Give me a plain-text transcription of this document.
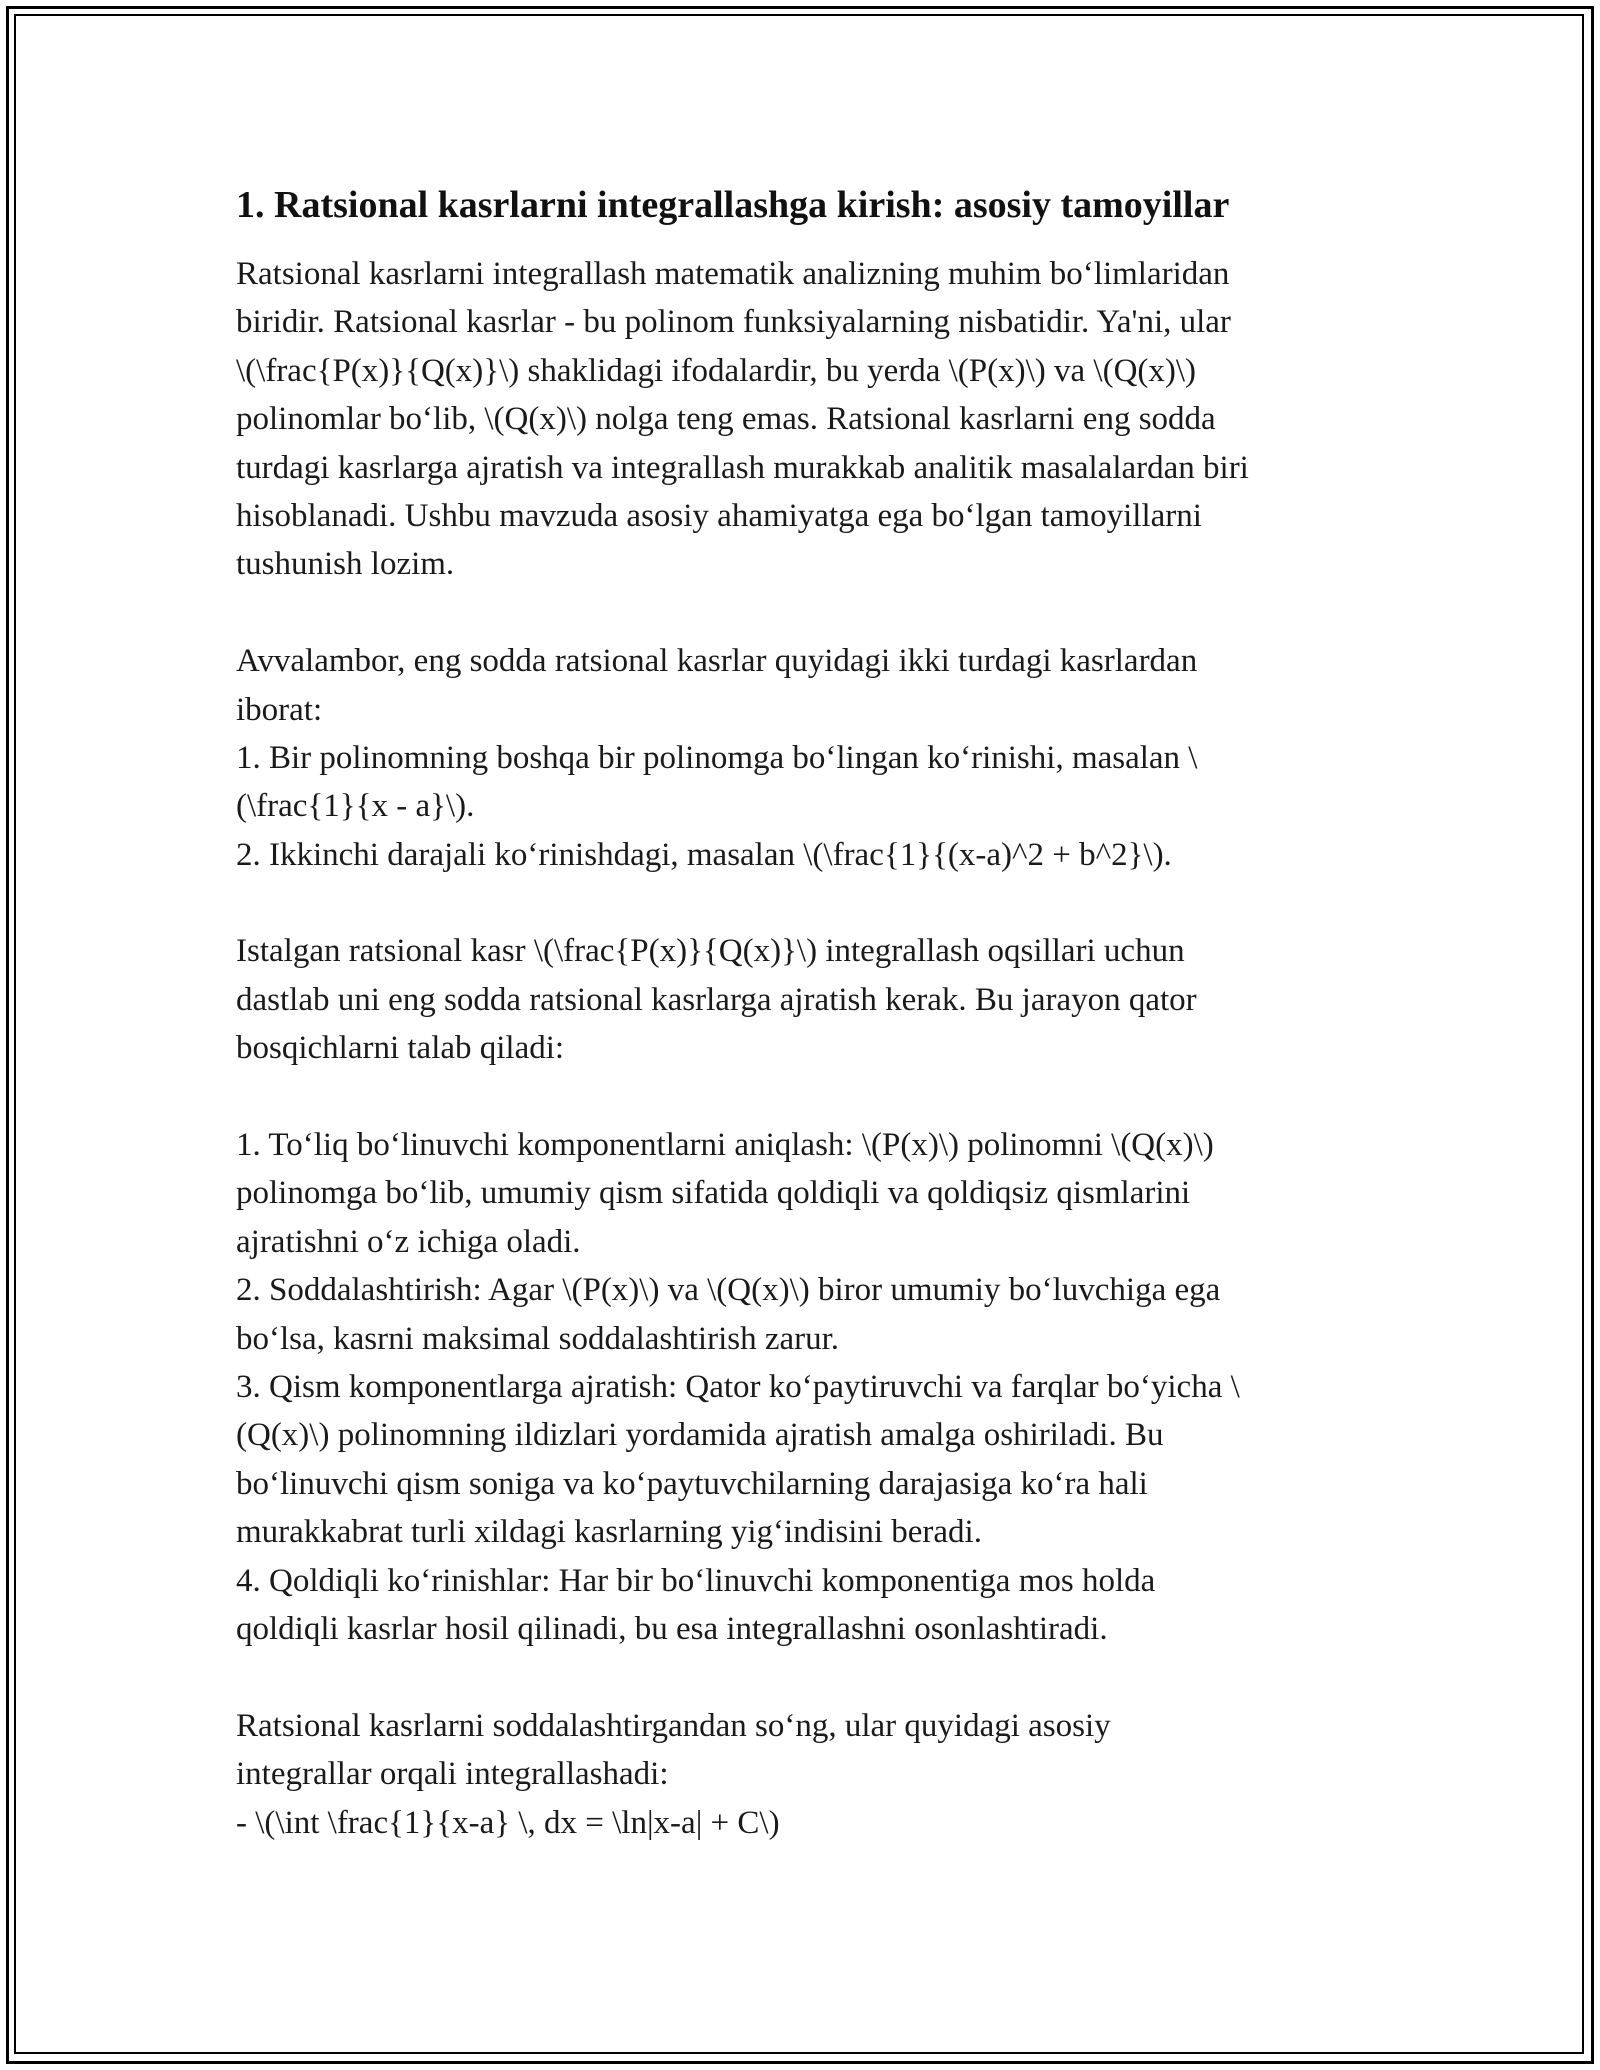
1. Ratsional kasrlarni integrallashga kirish: asosiy tamoyillar
Ratsional kasrlarni integrallash matematik analizning muhim bo‘limlaridan
biridir. Ratsional kasrlar - bu polinom funksiyalarning nisbatidir. Ya'ni, ular
\(\frac{P(x)}{Q(x)}\) shaklidagi ifodalardir, bu yerda \(P(x)\) va \(Q(x)\)
polinomlar bo‘lib, \(Q(x)\) nolga teng emas. Ratsional kasrlarni eng sodda
turdagi kasrlarga ajratish va integrallash murakkab analitik masalalardan biri
hisoblanadi. Ushbu mavzuda asosiy ahamiyatga ega bo‘lgan tamoyillarni
tushunish lozim.
Avvalambor, eng sodda ratsional kasrlar quyidagi ikki turdagi kasrlardan
iborat:
1. Bir polinomning boshqa bir polinomga bo‘lingan ko‘rinishi, masalan \
(\frac{1}{x - a}\).
2. Ikkinchi darajali ko‘rinishdagi, masalan \(\frac{1}{(x-a)^2 + b^2}\).
Istalgan ratsional kasr \(\frac{P(x)}{Q(x)}\) integrallash oqsillari uchun
dastlab uni eng sodda ratsional kasrlarga ajratish kerak. Bu jarayon qator
bosqichlarni talab qiladi:
1. To‘liq bo‘linuvchi komponentlarni aniqlash: \(P(x)\) polinomni \(Q(x)\)
polinomga bo‘lib, umumiy qism sifatida qoldiqli va qoldiqsiz qismlarini
ajratishni o‘z ichiga oladi.
2. Soddalashtirish: Agar \(P(x)\) va \(Q(x)\) biror umumiy bo‘luvchiga ega
bo‘lsa, kasrni maksimal soddalashtirish zarur.
3. Qism komponentlarga ajratish: Qator ko‘paytiruvchi va farqlar bo‘yicha \
(Q(x)\) polinomning ildizlari yordamida ajratish amalga oshiriladi. Bu
bo‘linuvchi qism soniga va ko‘paytuvchilarning darajasiga ko‘ra hali
murakkabrat turli xildagi kasrlarning yig‘indisini beradi.
4. Qoldiqli ko‘rinishlar: Har bir bo‘linuvchi komponentiga mos holda
qoldiqli kasrlar hosil qilinadi, bu esa integrallashni osonlashtiradi.
Ratsional kasrlarni soddalashtirgandan so‘ng, ular quyidagi asosiy
integrallar orqali integrallashadi:
- \(\int \frac{1}{x-a} \, dx = \ln|x-a| + C\)
